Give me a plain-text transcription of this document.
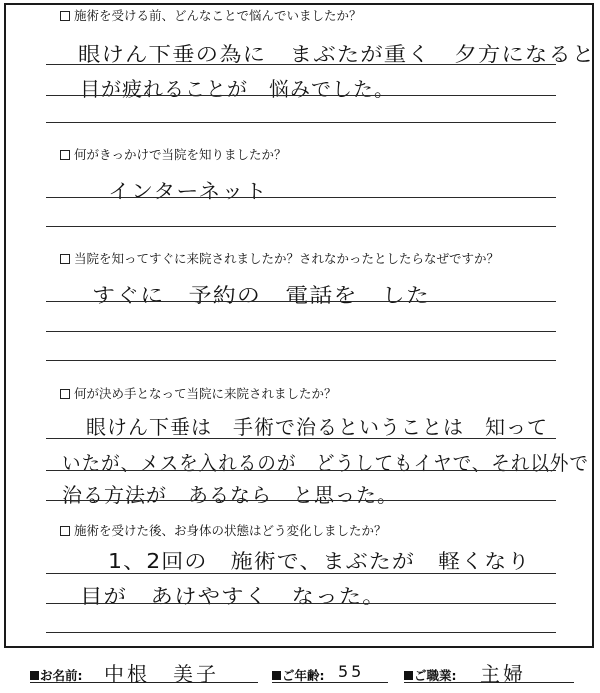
施術を受ける前、どんなことで悩んでいましたか？
眼けん下垂の為に　まぶたが重く　夕方になると
目が疲れることが　悩みでした。
何がきっかけで当院を知りましたか？
インターネット
当院を知ってすぐに来院されましたか？されなかったとしたらなぜですか？
すぐに　予約の　電話を　した
何が決め手となって当院に来院されましたか？
眼けん下垂は　手術で治るということは　知って
いたが、メスを入れるのが　どうしてもイヤで、それ以外で
治る方法が　あるなら　と思った。
施術を受けた後、お身体の状態はどう変化しましたか？
1、2回の　施術で、まぶたが　軽くなり
目が　あけやすく　なった。
お名前: 中根　美子	ご年齢: 55	ご職業: 主婦
